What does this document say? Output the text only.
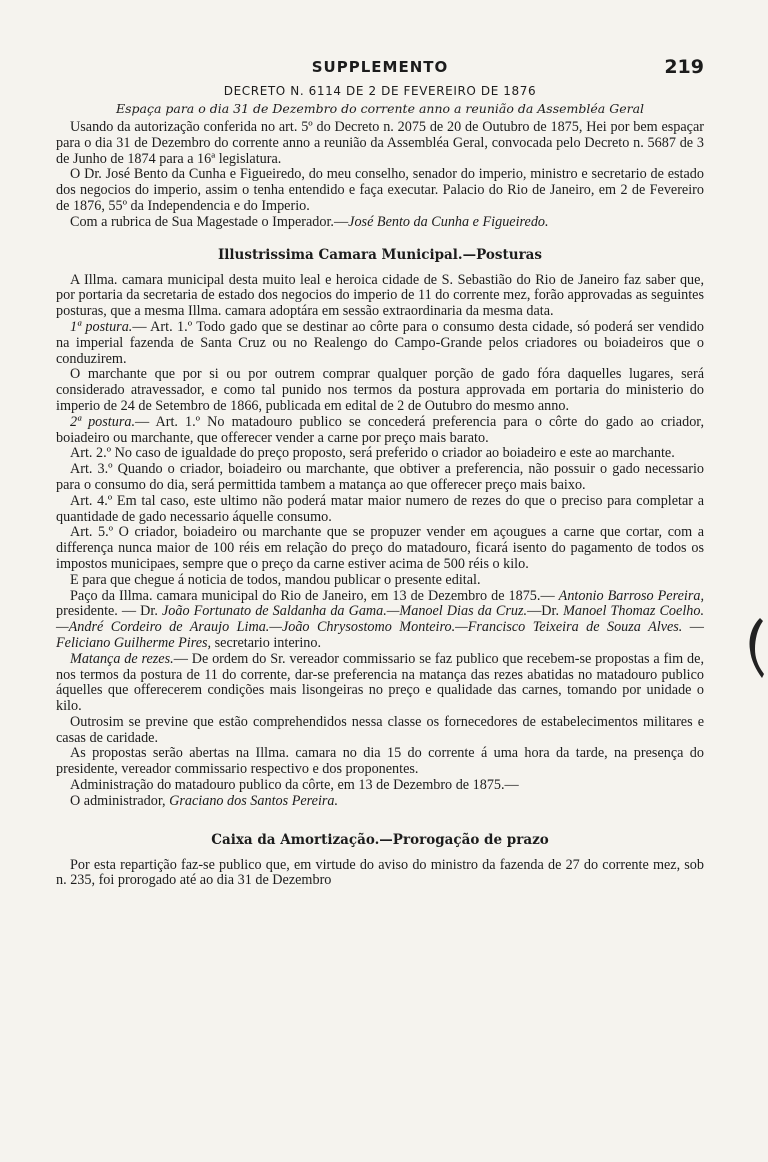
SUPPLEMENTO	219
DECRETO N. 6114 DE 2 DE FEVEREIRO DE 1876
Espaça para o dia 31 de Dezembro do corrente anno a reunião da Assembléa Geral

Usando da autorização conferida no art. 5º do Decreto n. 2075 de 20 de Outubro de 1875, Hei por bem espaçar para o dia 31 de Dezembro do corrente anno a reunião da Assembléa Geral, convocada pelo Decreto n. 5687 de 3 de Junho de 1874 para a 16ª legislatura.

O Dr. José Bento da Cunha e Figueiredo, do meu conselho, senador do imperio, ministro e secretario de estado dos negocios do imperio, assim o tenha entendido e faça executar. Palacio do Rio de Janeiro, em 2 de Fevereiro de 1876, 55º da Independencia e do Imperio.

Com a rubrica de Sua Magestade o Imperador.—José Bento da Cunha e Figueiredo.

Illustrissima Camara Municipal.—Posturas

A Illma. camara municipal desta muito leal e heroica cidade de S. Sebastião do Rio de Janeiro faz saber que, por portaria da secretaria de estado dos negocios do imperio de 11 do corrente mez, forão approvadas as seguintes posturas, que a mesma Illma. camara adoptára em sessão extraordinaria da mesma data.

1ª postura.— Art. 1.º Todo gado que se destinar ao côrte para o consumo desta cidade, só poderá ser vendido na imperial fazenda de Santa Cruz ou no Realengo do Campo-Grande pelos criadores ou boiadeiros que o conduzirem.

O marchante que por si ou por outrem comprar qualquer porção de gado fóra daquelles lugares, será considerado atravessador, e como tal punido nos termos da postura approvada em portaria do ministerio do imperio de 24 de Setembro de 1866, publicada em edital de 2 de Outubro do mesmo anno.

2ª postura.— Art. 1.º No matadouro publico se concederá preferencia para o côrte do gado ao criador, boiadeiro ou marchante, que offerecer vender a carne por preço mais barato.

Art. 2.º No caso de igualdade do preço proposto, será preferido o criador ao boiadeiro e este ao marchante.

Art. 3.º Quando o criador, boiadeiro ou marchante, que obtiver a preferencia, não possuir o gado necessario para o consumo do dia, será permittida tambem a matança ao que offerecer preço mais baixo.

Art. 4.º Em tal caso, este ultimo não poderá matar maior numero de rezes do que o preciso para completar a quantidade de gado necessario áquelle consumo.

Art. 5.º O criador, boiadeiro ou marchante que se propuzer vender em açougues a carne que cortar, com a differença nunca maior de 100 réis em relação do preço do matadouro, ficará isento do pagamento de todos os impostos municipaes, sempre que o preço da carne estiver acima de 500 réis o kilo.

E para que chegue á noticia de todos, mandou publicar o presente edital.

Paço da Illma. camara municipal do Rio de Janeiro, em 13 de Dezembro de 1875.— Antonio Barroso Pereira, presidente. — Dr. João Fortunato de Saldanha da Gama.—Manoel Dias da Cruz.—Dr. Manoel Thomaz Coelho.—André Cordeiro de Araujo Lima.—João Chrysostomo Monteiro.—Francisco Teixeira de Souza Alves. — Feliciano Guilherme Pires, secretario interino.

Matança de rezes.— De ordem do Sr. vereador commissario se faz publico que recebem-se propostas a fim de, nos termos da postura de 11 do corrente, dar-se preferencia na matança das rezes abatidas no matadouro publico áquelles que offerecerem condições mais lisongeiras no preço e qualidade das carnes, tomando por unidade o kilo.

Outrosim se previne que estão comprehendidos nessa classe os fornecedores de estabelecimentos militares e casas de caridade.

As propostas serão abertas na Illma. camara no dia 15 do corrente á uma hora da tarde, na presença do presidente, vereador commissario respectivo e dos proponentes.

Administração do matadouro publico da côrte, em 13 de Dezembro de 1875.—

O administrador, Graciano dos Santos Pereira.

Caixa da Amortização.—Prorogação de prazo

Por esta repartição faz-se publico que, em virtude do aviso do ministro da fazenda de 27 do corrente mez, sob n. 235, foi prorogado até ao dia 31 de Dezembro
